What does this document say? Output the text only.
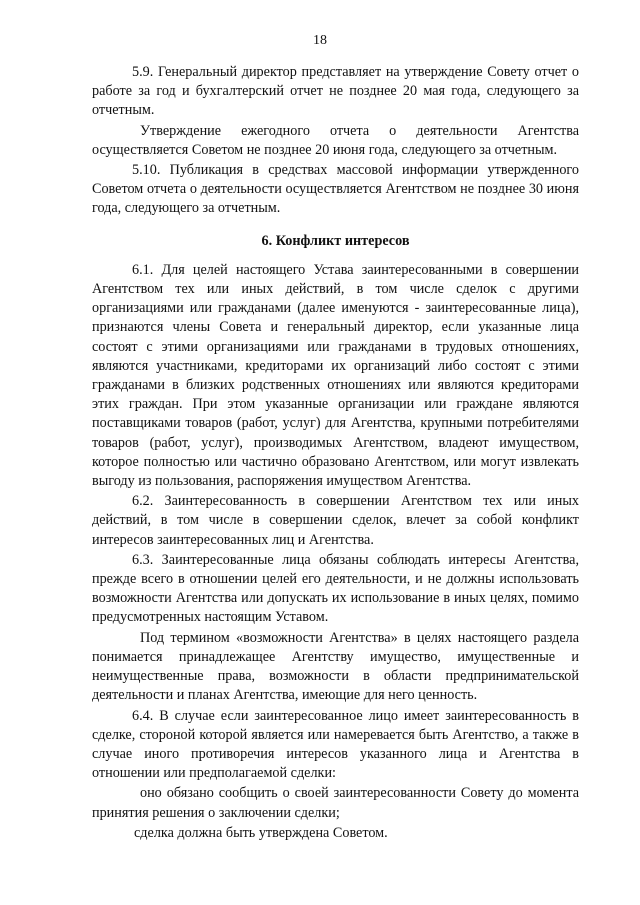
18

5.9. Генеральный директор представляет на утверждение Совету отчет о работе за год и бухгалтерский отчет не позднее 20 мая года, следующего за отчетным.

Утверждение ежегодного отчета о деятельности Агентства осуществляется Советом не позднее 20 июня года, следующего за отчетным.

5.10. Публикация в средствах массовой информации утвержденного Советом отчета о деятельности осуществляется Агентством не позднее 30 июня года, следующего за отчетным.

6. Конфликт интересов

6.1. Для целей настоящего Устава заинтересованными в совершении Агентством тех или иных действий, в том числе сделок с другими организациями или гражданами (далее именуются - заинтересованные лица), признаются члены Совета и генеральный директор, если указанные лица состоят с этими организациями или гражданами в трудовых отношениях, являются участниками, кредиторами их организаций либо состоят с этими гражданами в близких родственных отношениях или являются кредиторами этих граждан. При этом указанные организации или граждане являются поставщиками товаров (работ, услуг) для Агентства, крупными потребителями товаров (работ, услуг), производимых Агентством, владеют имуществом, которое полностью или частично образовано Агентством, или могут извлекать выгоду из пользования, распоряжения имуществом Агентства.

6.2. Заинтересованность в совершении Агентством тех или иных действий, в том числе в совершении сделок, влечет за собой конфликт интересов заинтересованных лиц и Агентства.

6.3. Заинтересованные лица обязаны соблюдать интересы Агентства, прежде всего в отношении целей его деятельности, и не должны использовать возможности Агентства или допускать их использование в иных целях, помимо предусмотренных настоящим Уставом.

Под термином «возможности Агентства» в целях настоящего раздела понимается принадлежащее Агентству имущество, имущественные и неимущественные права, возможности в области предпринимательской деятельности и планах Агентства, имеющие для него ценность.

6.4. В случае если заинтересованное лицо имеет заинтересованность в сделке, стороной которой является или намеревается быть Агентство, а также в случае иного противоречия интересов указанного лица и Агентства в отношении или предполагаемой сделки:

оно обязано сообщить о своей заинтересованности Совету до момента принятия решения о заключении сделки;

сделка должна быть утверждена Советом.
